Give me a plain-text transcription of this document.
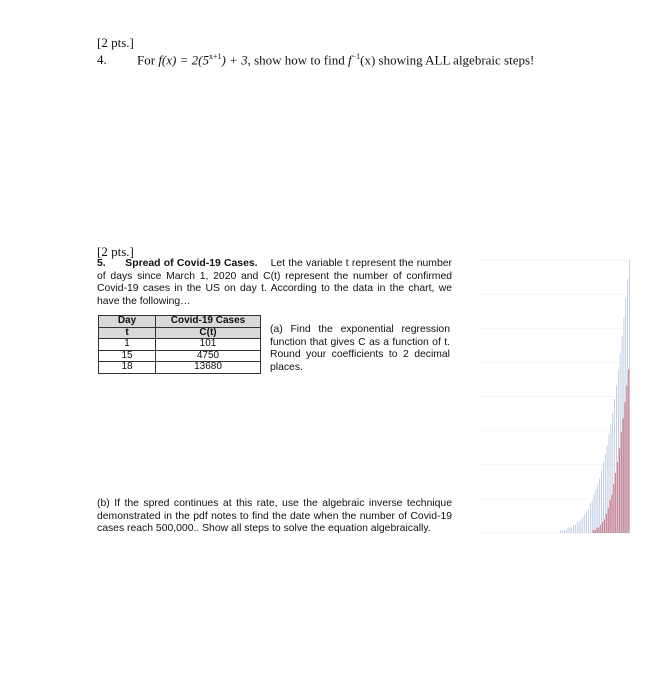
[2 pts.]
4. For $f(x) = 2(5^{x+1}) + 3$, show how to find $f^{-1}(x)$ showing ALL algebraic steps!
[2 pts.]
5. Spread of Covid-19 Cases. Let the variable t represent the number of days since March 1, 2020 and C(t) represent the number of confirmed Covid-19 cases in the US on day t. According to the data in the chart, we have the following…
Day	Covid-19 Cases
t	C(t)
1	101
15	4750
18	13680
(a) Find the exponential regression function that gives C as a function of t. Round your coefficients to 2 decimal places.
(b) If the spred continues at this rate, use the algebraic inverse technique demonstrated in the pdf notes to find the date when the number of Covid-19 cases reach 500,000.. Show all steps to solve the equation algebraically.
